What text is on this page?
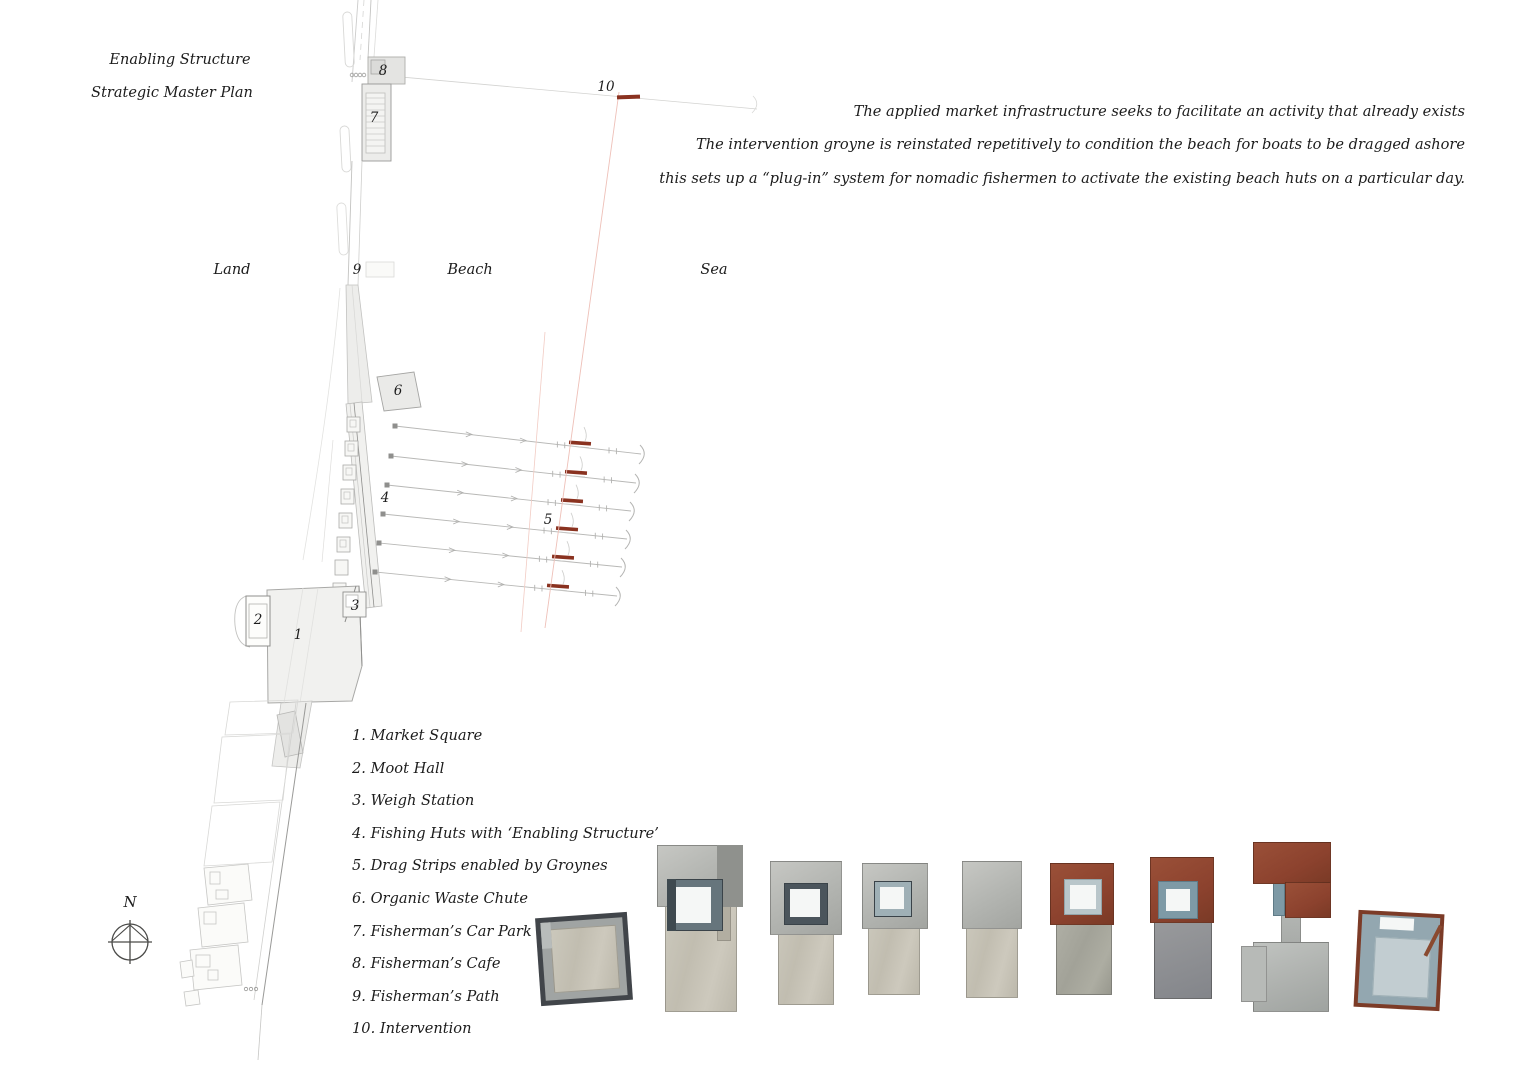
Enabling Structure
Strategic Master Plan
The applied market infrastructure seeks to facilitate an activity that already exists
The intervention groyne is reinstated repetitively to condition the beach for boats to be dragged ashore
this sets up a “plug-in” system for nomadic fishermen to activate the existing beach huts on a particular day.
Land	Beach	Sea
8
7
10
9
6
4
5
3
2
1
N
1. Market Square
2. Moot Hall
3. Weigh Station
4. Fishing Huts with ‘Enabling Structure’
5. Drag Strips enabled by Groynes
6. Organic Waste Chute
7. Fisherman’s Car Park
8. Fisherman’s Cafe
9. Fisherman’s Path
10. Intervention
